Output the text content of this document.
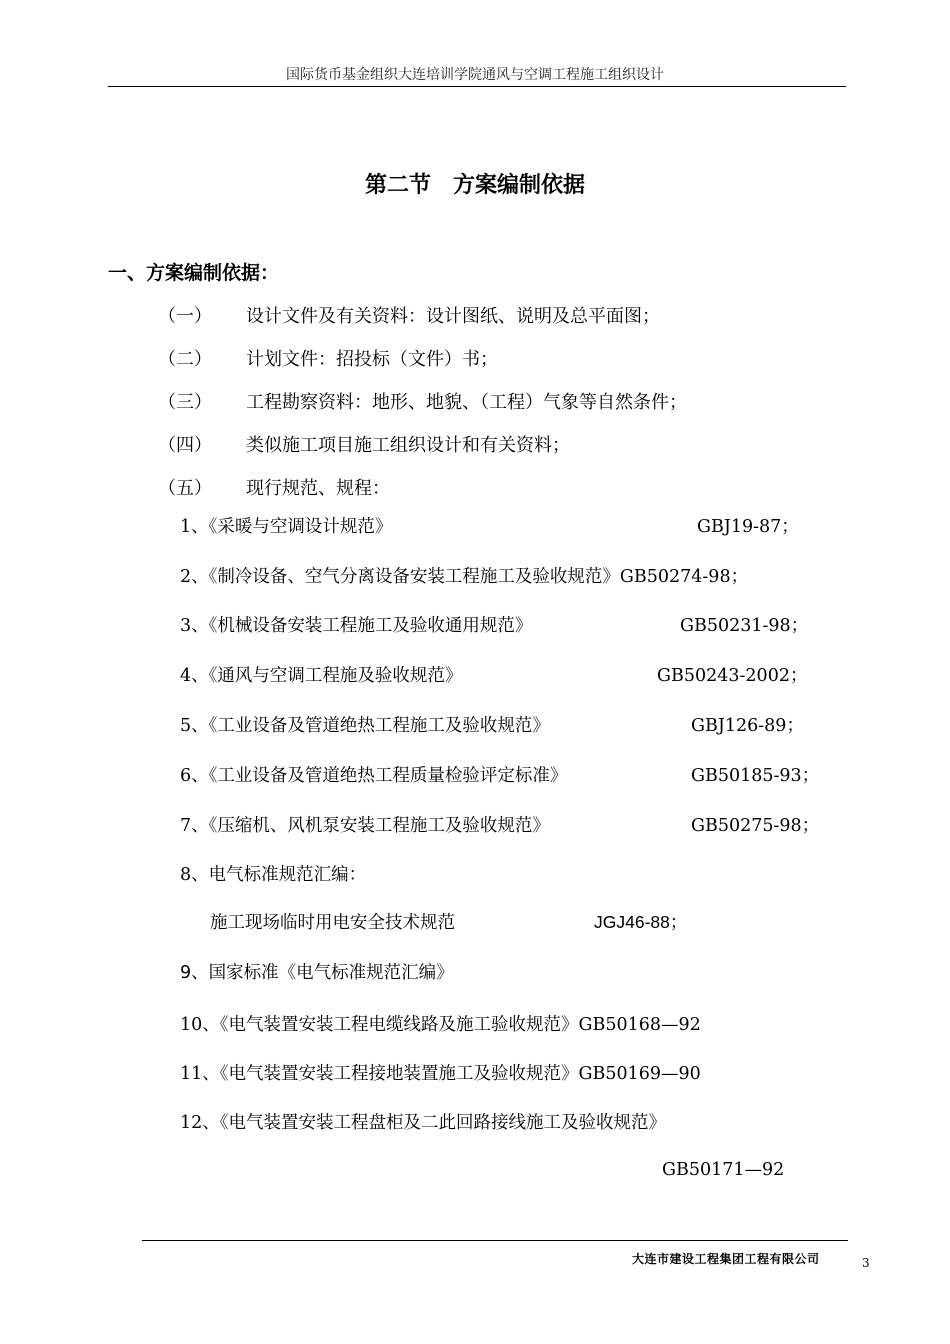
国际货币基金组织大连培训学院通风与空调工程施工组织设计
第二节　方案编制依据
一、方案编制依据：
（一） 设计文件及有关资料：设计图纸、说明及总平面图；
（二） 计划文件：招投标（文件）书；
（三） 工程勘察资料：地形、地貌、（工程）气象等自然条件；
（四） 类似施工项目施工组织设计和有关资料；
（五） 现行规范、规程：
1、《采暖与空调设计规范》	GBJ19-87；
2、《制冷设备、空气分离设备安装工程施工及验收规范》GB50274-98；
3、《机械设备安装工程施工及验收通用规范》	GB50231-98；
4、《通风与空调工程施及验收规范》	GB50243-2002；
5、《工业设备及管道绝热工程施工及验收规范》	GBJ126-89；
6、《工业设备及管道绝热工程质量检验评定标准》	GB50185-93；
7、《压缩机、风机泵安装工程施工及验收规范》	GB50275-98；
8、电气标准规范汇编：
施工现场临时用电安全技术规范	JGJ46-88；
9、国家标准《电气标准规范汇编》
10、《电气装置安装工程电缆线路及施工验收规范》GB50168—92
11、《电气装置安装工程接地装置施工及验收规范》GB50169—90
12、《电气装置安装工程盘柜及二此回路接线施工及验收规范》
GB50171—92
大连市建设工程集团工程有限公司	3
